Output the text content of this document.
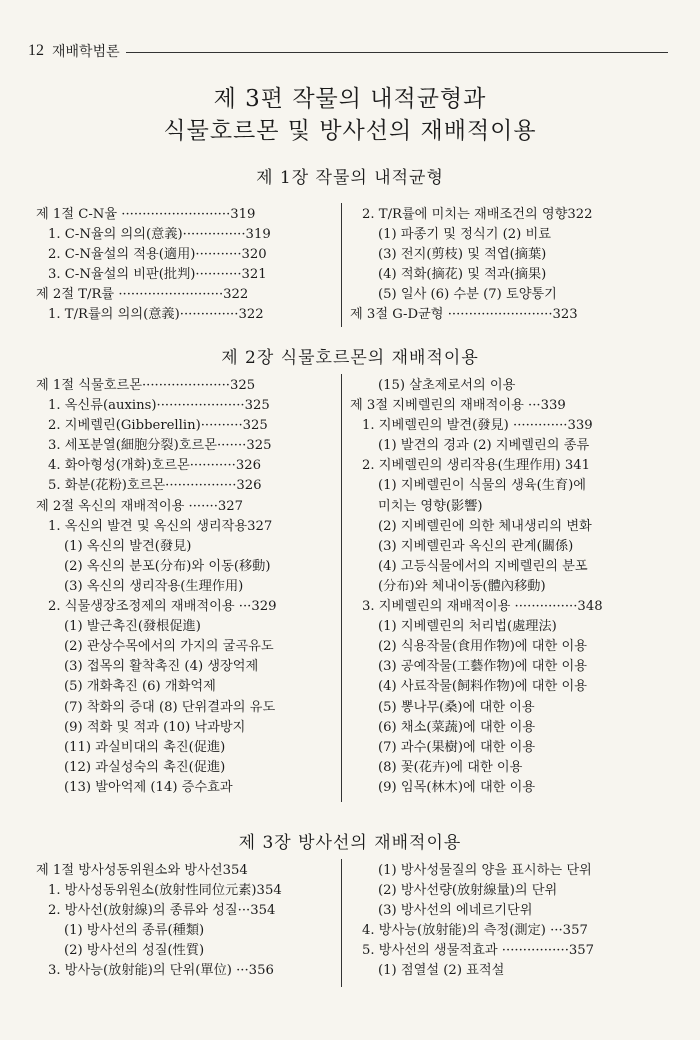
12 재배학범론
제 3편 작물의 내적균형과
식물호르몬 및 방사선의 재배적이용
제 1장 작물의 내적균형
제 1절 C-N율 ··························319
1. C-N율의 의의(意義)···············319
2. C-N율설의 적용(適用)···········320
3. C-N율설의 비판(批判)···········321
제 2절 T/R률 ·························322
1. T/R률의 의의(意義)··············322
2. T/R률에 미치는 재배조건의 영향322
(1) 파종기 및 정식기 (2) 비료
(3) 전지(剪枝) 및 적엽(摘葉)
(4) 적화(摘花) 및 적과(摘果)
(5) 일사 (6) 수분 (7) 토양통기
제 3절 G-D균형 ·························323
제 2장 식물호르몬의 재배적이용
제 1절 식물호르몬·····················325
1. 옥신류(auxins)·····················325
2. 지베렐린(Gibberellin)··········325
3. 세포분열(細胞分裂)호르몬·······325
4. 화아형성(개화)호르몬···········326
5. 화분(花粉)호르몬·················326
제 2절 옥신의 재배적이용 ·······327
1. 옥신의 발견 및 옥신의 생리작용327
(1) 옥신의 발견(發見)
(2) 옥신의 분포(分布)와 이동(移動)
(3) 옥신의 생리작용(生理作用)
2. 식물생장조정제의 재배적이용 ···329
(1) 발근촉진(發根促進)
(2) 관상수목에서의 가지의 굴곡유도
(3) 접목의 활착촉진 (4) 생장억제
(5) 개화촉진 (6) 개화억제
(7) 착화의 증대 (8) 단위결과의 유도
(9) 적화 및 적과 (10) 낙과방지
(11) 과실비대의 촉진(促進)
(12) 과실성숙의 촉진(促進)
(13) 발아억제 (14) 증수효과
(15) 살초제로서의 이용
제 3절 지베렐린의 재배적이용 ···339
1. 지베렐린의 발견(發見) ·············339
(1) 발견의 경과 (2) 지베렐린의 종류
2. 지베렐린의 생리작용(生理作用) 341
(1) 지베렐린이 식물의 생육(生育)에
미치는 영향(影響)
(2) 지베렐린에 의한 체내생리의 변화
(3) 지베렐린과 옥신의 관계(關係)
(4) 고등식물에서의 지베렐린의 분포
(分布)와 체내이동(體內移動)
3. 지베렐린의 재배적이용 ···············348
(1) 지베렐린의 처리법(處理法)
(2) 식용작물(食用作物)에 대한 이용
(3) 공예작물(工藝作物)에 대한 이용
(4) 사료작물(飼料作物)에 대한 이용
(5) 뽕나무(桑)에 대한 이용
(6) 채소(菜蔬)에 대한 이용
(7) 과수(果樹)에 대한 이용
(8) 꽃(花卉)에 대한 이용
(9) 임목(林木)에 대한 이용
제 3장 방사선의 재배적이용
제 1절 방사성동위원소와 방사선354
1. 방사성동위원소(放射性同位元素)354
2. 방사선(放射線)의 종류와 성질···354
(1) 방사선의 종류(種類)
(2) 방사선의 성질(性質)
3. 방사능(放射能)의 단위(單位) ···356
(1) 방사성물질의 양을 표시하는 단위
(2) 방사선량(放射線量)의 단위
(3) 방사선의 에네르기단위
4. 방사능(放射能)의 측정(測定) ···357
5. 방사선의 생물적효과 ················357
(1) 점열설 (2) 표적설
